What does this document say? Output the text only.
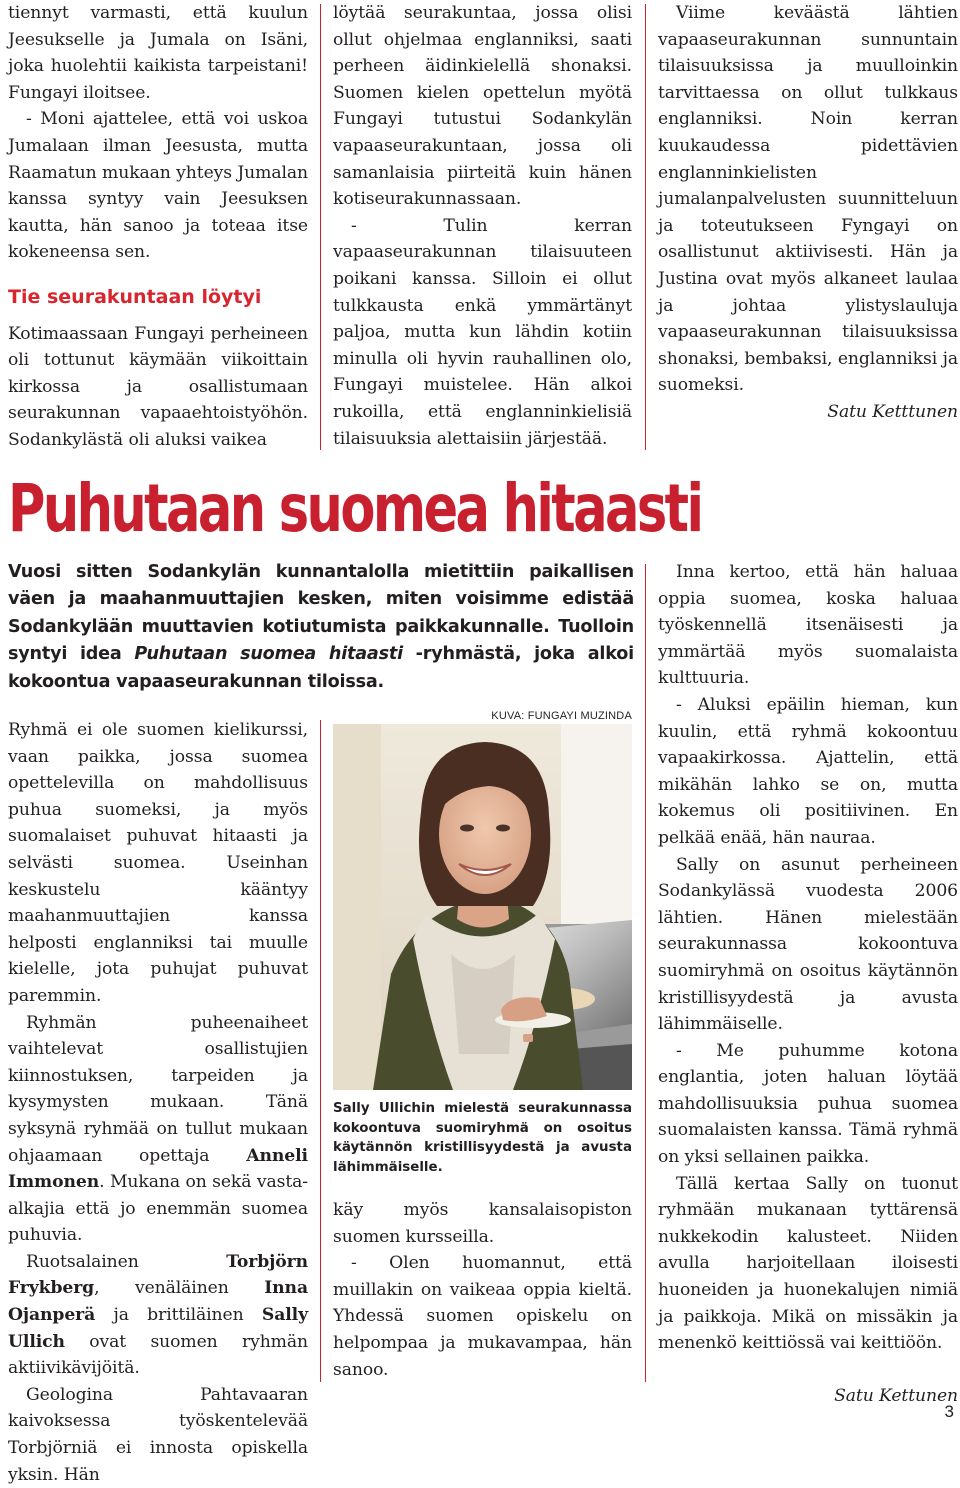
tiennyt varmasti, että kuulun Jeesukselle ja Jumala on Isäni, joka huolehtii kaikista tarpeistani! Fungayi iloitsee.

- Moni ajattelee, että voi uskoa Jumalaan ilman Jeesusta, mutta Raamatun mukaan yhteys Jumalan kanssa syntyy vain Jeesuksen kautta, hän sanoo ja toteaa itse kokeneensa sen.

Tie seurakuntaan löytyi

Kotimaassaan Fungayi perheineen oli tottunut käymään viikoittain kirkossa ja osallistumaan seurakunnan vapaaehtoistyöhön. Sodankylästä oli aluksi vaikea

löytää seurakuntaa, jossa olisi ollut ohjelmaa englanniksi, saati perheen äidinkielellä shonaksi. Suomen kielen opettelun myötä Fungayi tutustui Sodankylän vapaaseurakuntaan, jossa oli samanlaisia piirteitä kuin hänen kotiseurakunnassaan.

- Tulin kerran vapaaseurakunnan tilaisuuteen poikani kanssa. Silloin ei ollut tulkkausta enkä ymmärtänyt paljoa, mutta kun lähdin kotiin minulla oli hyvin rauhallinen olo, Fungayi muistelee. Hän alkoi rukoilla, että englanninkielisiä tilaisuuksia alettaisiin järjestää.

Viime keväästä lähtien vapaaseurakunnan sunnuntain tilaisuuksissa ja muulloinkin tarvittaessa on ollut tulkkaus englanniksi. Noin kerran kuukaudessa pidettävien englanninkielisten jumalanpalvelusten suunnitteluun ja toteutukseen Fyngayi on osallistunut aktiivisesti. Hän ja Justina ovat myös alkaneet laulaa ja johtaa ylistyslauluja vapaaseurakunnan tilaisuuksissa shonaksi, bembaksi, englanniksi ja suomeksi.

Satu Ketttunen

Puhutaan suomea hitaasti

Vuosi sitten Sodankylän kunnantalolla mietittiin paikallisen väen ja maahanmuuttajien kesken, miten voisimme edistää Sodankylään muuttavien kotiutumista paikkakunnalle. Tuolloin syntyi idea Puhutaan suomea hitaasti -ryhmästä, joka alkoi kokoontua vapaaseurakunnan tiloissa.

Ryhmä ei ole suomen kielikurssi, vaan paikka, jossa suomea opettelevilla on mahdollisuus puhua suomeksi, ja myös suomalaiset puhuvat hitaasti ja selvästi suomea. Useinhan keskustelu kääntyy maahanmuuttajien kanssa helposti englanniksi tai muulle kielelle, jota puhujat puhuvat paremmin.

Ryhmän puheenaiheet vaihtelevat osallistujien kiinnostuksen, tarpeiden ja kysymysten mukaan. Tänä syksynä ryhmää on tullut mukaan ohjaamaan opettaja Anneli Immonen. Mukana on sekä vasta-alkajia että jo enemmän suomea puhuvia.

Ruotsalainen Torbjörn Frykberg, venäläinen Inna Ojanperä ja brittiläinen Sally Ullich ovat suomen ryhmän aktiivikävijöitä.

Geologina Pahtavaaran kaivoksessa työskentelevää Torbjörniä ei innosta opiskella yksin. Hän

KUVA: FUNGAYI MUZINDA

Sally Ullichin mielestä seurakunnassa kokoontuva suomiryhmä on osoitus käytännön kristillisyydestä ja avusta lähimmäiselle.

käy myös kansalaisopiston suomen kursseilla.

- Olen huomannut, että muillakin on vaikeaa oppia kieltä. Yhdessä suomen opiskelu on helpompaa ja mukavampaa, hän sanoo.

Inna kertoo, että hän haluaa oppia suomea, koska haluaa työskennellä itsenäisesti ja ymmärtää myös suomalaista kulttuuria.

- Aluksi epäilin hieman, kun kuulin, että ryhmä kokoontuu vapaakirkossa. Ajattelin, että mikähän lahko se on, mutta kokemus oli positiivinen. En pelkää enää, hän nauraa.

Sally on asunut perheineen Sodankylässä vuodesta 2006 lähtien. Hänen mielestään seurakunnassa kokoontuva suomiryhmä on osoitus käytännön kristillisyydestä ja avusta lähimmäiselle.

- Me puhumme kotona englantia, joten haluan löytää mahdollisuuksia puhua suomea suomalaisten kanssa. Tämä ryhmä on yksi sellainen paikka.

Tällä kertaa Sally on tuonut ryhmään mukanaan tyttärensä nukkekodin kalusteet. Niiden avulla harjoitellaan iloisesti huoneiden ja huonekalujen nimiä ja paikkoja. Mikä on missäkin ja menenkö keittiössä vai keittiöön.

Satu Kettunen

3
